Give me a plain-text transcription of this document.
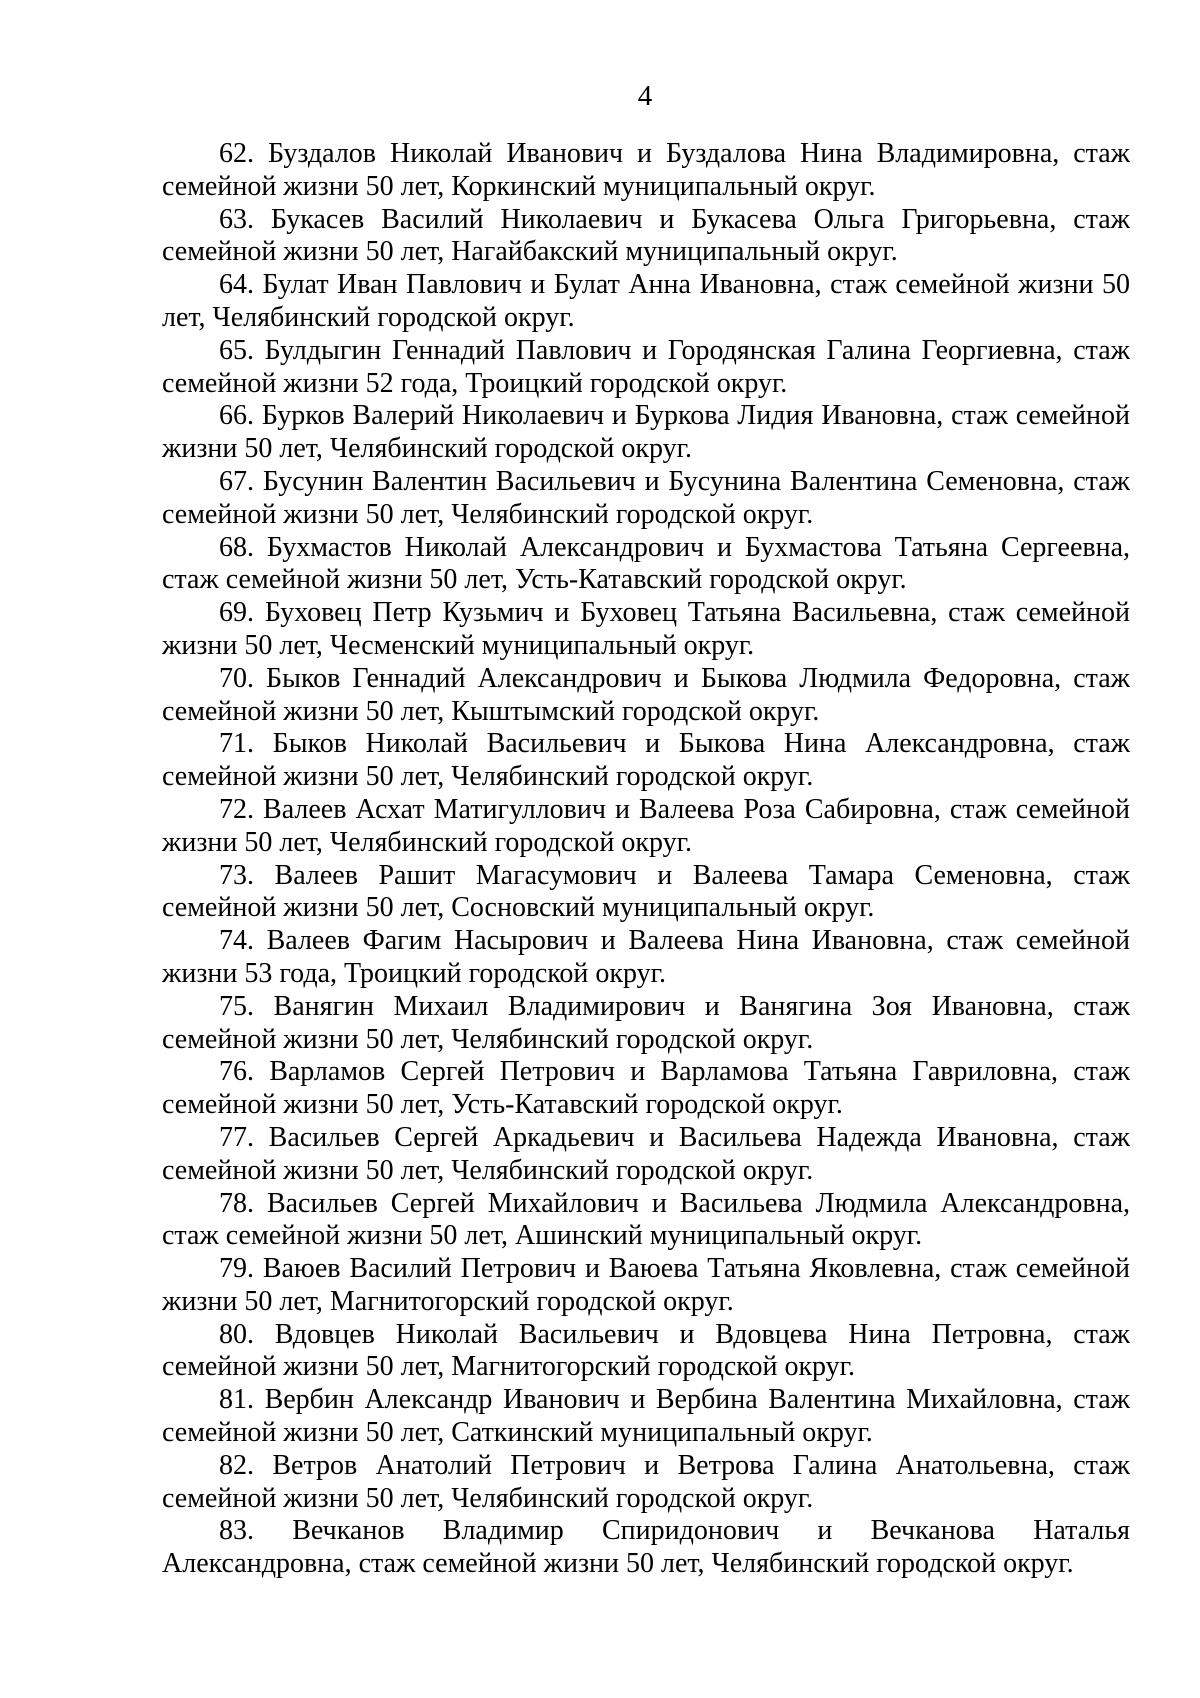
4

62. Буздалов Николай Иванович и Буздалова Нина Владимировна, стаж семейной жизни 50 лет, Коркинский муниципальный округ.

63. Букасев Василий Николаевич и Букасева Ольга Григорьевна, стаж семейной жизни 50 лет, Нагайбакский муниципальный округ.

64. Булат Иван Павлович и Булат Анна Ивановна, стаж семейной жизни 50 лет, Челябинский городской округ.

65. Булдыгин Геннадий Павлович и Городянская Галина Георгиевна, стаж семейной жизни 52 года, Троицкий городской округ.

66. Бурков Валерий Николаевич и Буркова Лидия Ивановна, стаж семейной жизни 50 лет, Челябинский городской округ.

67. Бусунин Валентин Васильевич и Бусунина Валентина Семеновна, стаж семейной жизни 50 лет, Челябинский городской округ.

68. Бухмастов Николай Александрович и Бухмастова Татьяна Сергеевна, стаж семейной жизни 50 лет, Усть-Катавский городской округ.

69. Буховец Петр Кузьмич и Буховец Татьяна Васильевна, стаж семейной жизни 50 лет, Чесменский муниципальный округ.

70. Быков Геннадий Александрович и Быкова Людмила Федоровна, стаж семейной жизни 50 лет, Кыштымский городской округ.

71. Быков Николай Васильевич и Быкова Нина Александровна, стаж семейной жизни 50 лет, Челябинский городской округ.

72. Валеев Асхат Матигуллович и Валеева Роза Сабировна, стаж семейной жизни 50 лет, Челябинский городской округ.

73. Валеев Рашит Магасумович и Валеева Тамара Семеновна, стаж семейной жизни 50 лет, Сосновский муниципальный округ.

74. Валеев Фагим Насырович и Валеева Нина Ивановна, стаж семейной жизни 53 года, Троицкий городской округ.

75. Ванягин Михаил Владимирович и Ванягина Зоя Ивановна, стаж семейной жизни 50 лет, Челябинский городской округ.

76. Варламов Сергей Петрович и Варламова Татьяна Гавриловна, стаж семейной жизни 50 лет, Усть-Катавский городской округ.

77. Васильев Сергей Аркадьевич и Васильева Надежда Ивановна, стаж семейной жизни 50 лет, Челябинский городской округ.

78. Васильев Сергей Михайлович и Васильева Людмила Александровна, стаж семейной жизни 50 лет, Ашинский муниципальный округ.

79. Ваюев Василий Петрович и Ваюева Татьяна Яковлевна, стаж семейной жизни 50 лет, Магнитогорский городской округ.

80. Вдовцев Николай Васильевич и Вдовцева Нина Петровна, стаж семейной жизни 50 лет, Магнитогорский городской округ.

81. Вербин Александр Иванович и Вербина Валентина Михайловна, стаж семейной жизни 50 лет, Саткинский муниципальный округ.

82. Ветров Анатолий Петрович и Ветрова Галина Анатольевна, стаж семейной жизни 50 лет, Челябинский городской округ.

83. Вечканов Владимир Спиридонович и Вечканова Наталья Александровна, стаж семейной жизни 50 лет, Челябинский городской округ.
